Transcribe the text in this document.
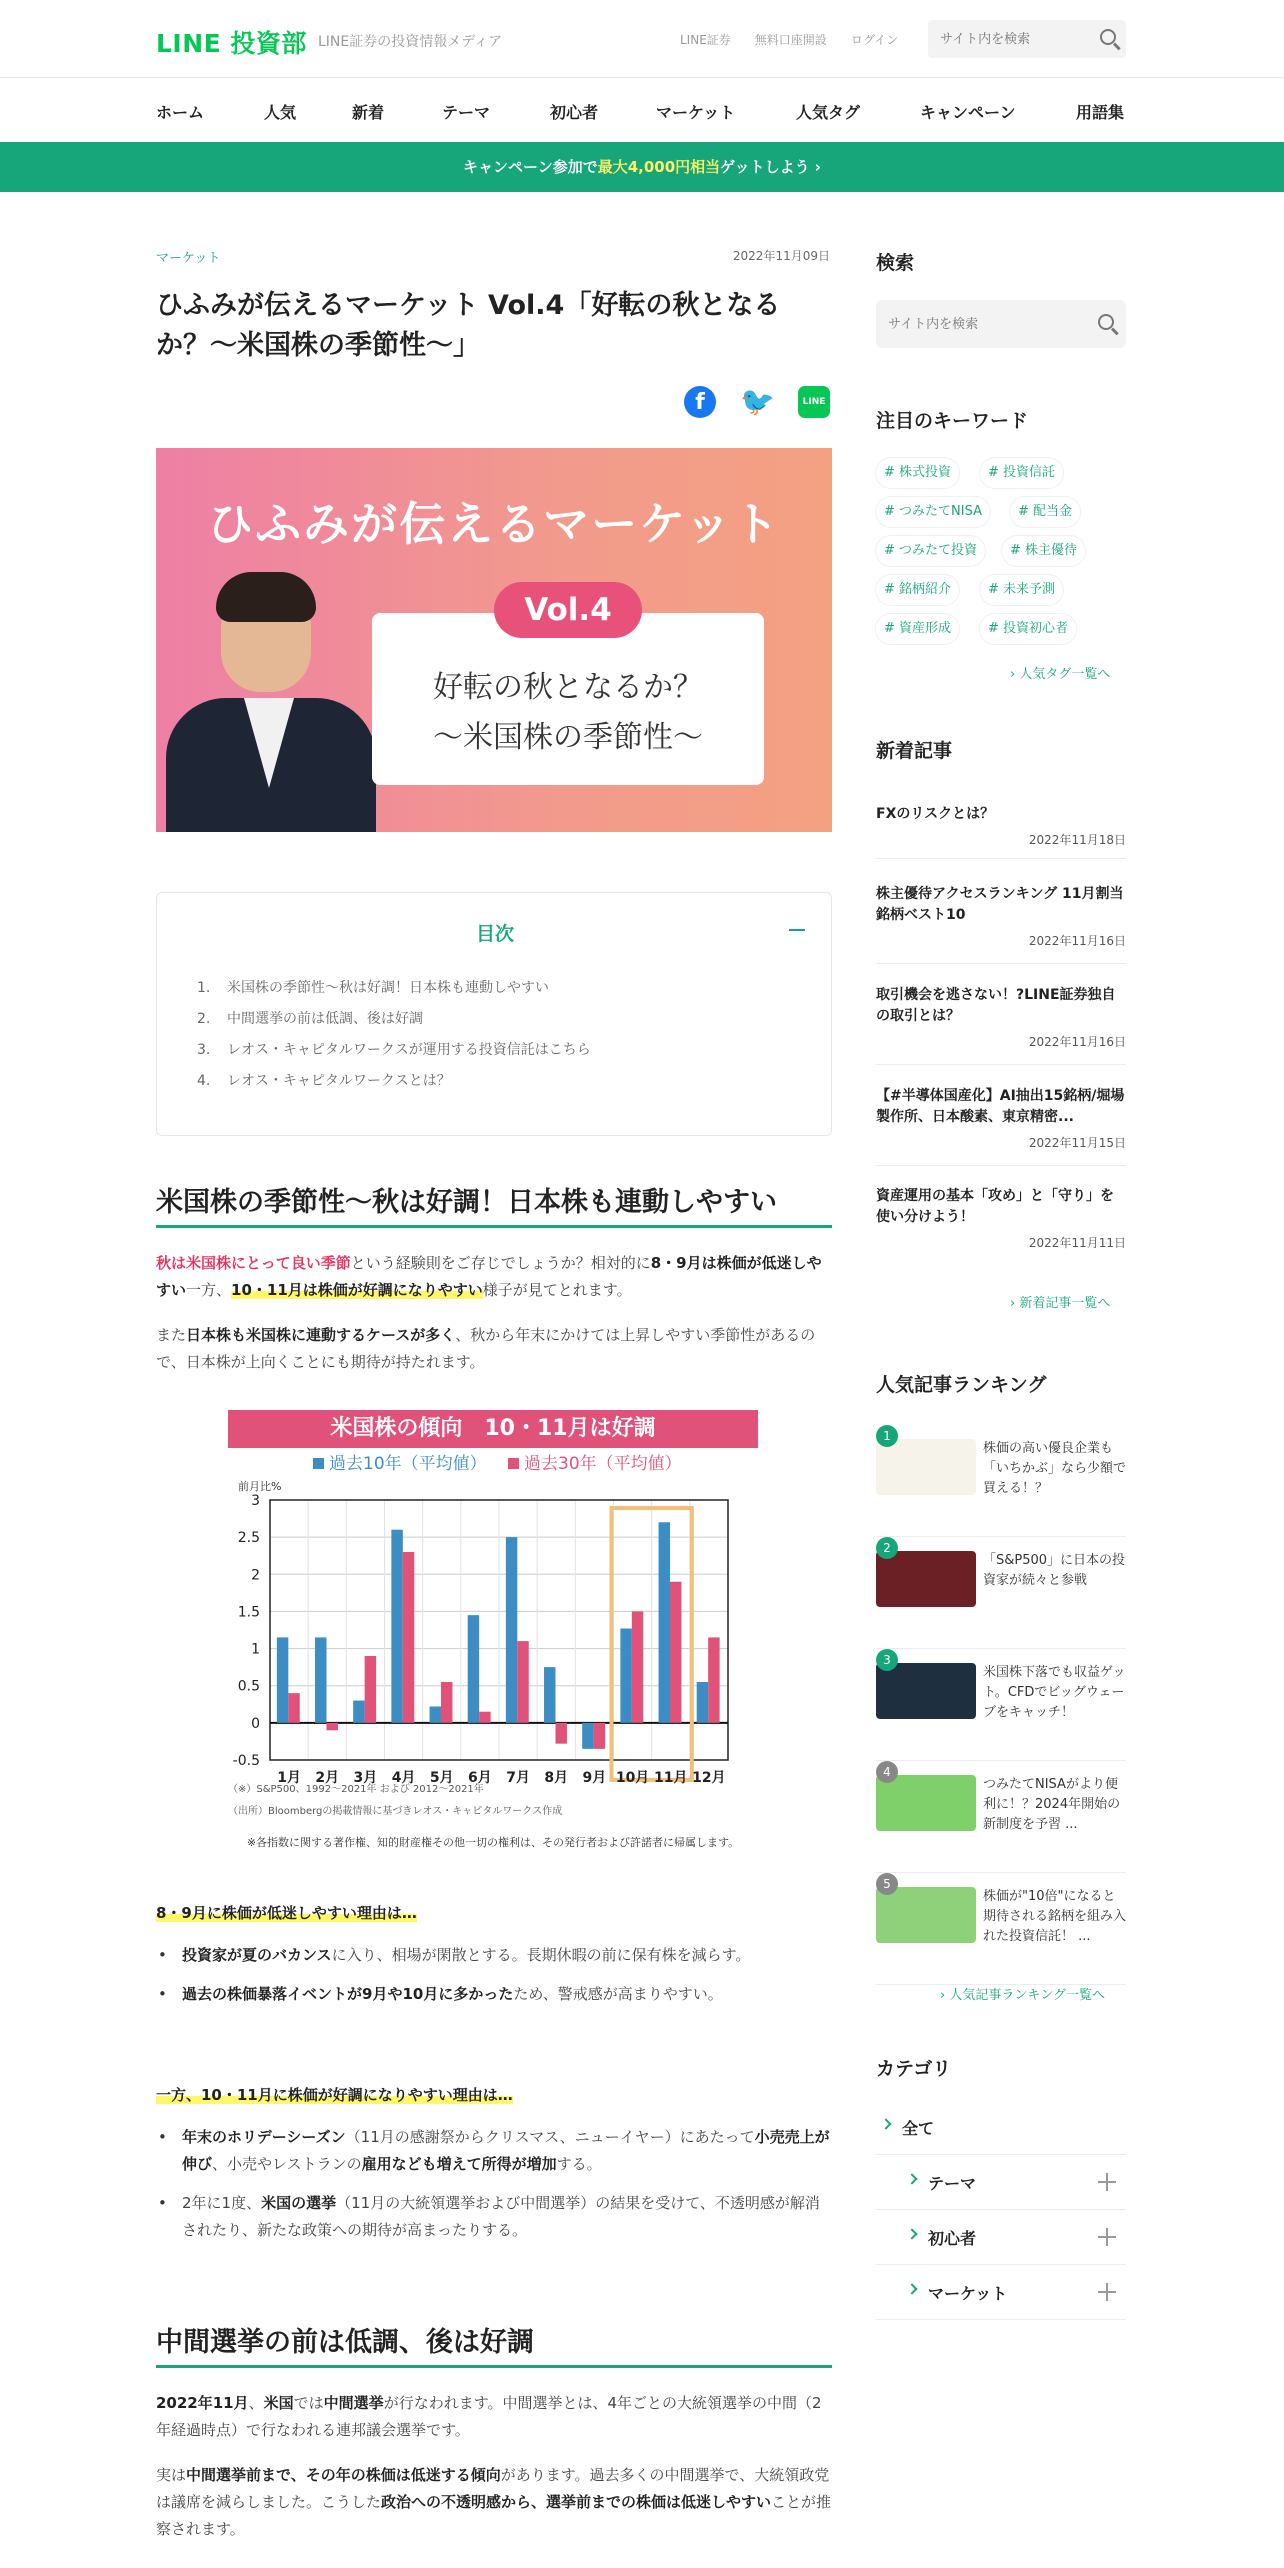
LINE 投資部 LINE証券の投資情報メディア	LINE証券 無料口座開設 ログイン
サイト内を検索
ホーム	人気	新着	テーマ	初心者	マーケット	人気タグ	キャンペーン	用語集
キャンペーン参加で最大4,000円相当ゲットしよう ›
マーケット	2022年11月09日
ひふみが伝えるマーケット Vol.4「好転の秋となるか？～米国株の季節性～」
f	🐦	LINE
ひふみが伝えるマーケット
Vol.4
好転の秋となるか？
～米国株の季節性～
目次
1. 米国株の季節性～秋は好調！日本株も連動しやすい
2. 中間選挙の前は低調、後は好調
3. レオス・キャピタルワークスが運用する投資信託はこちら
4. レオス・キャピタルワークスとは？
米国株の季節性～秋は好調！日本株も連動しやすい

秋は米国株にとって良い季節という経験則をご存じでしょうか？相対的に8・9月は株価が低迷しやすい一方、10・11月は株価が好調になりやすい様子が見てとれます。

また日本株も米国株に連動するケースが多く、秋から年末にかけては上昇しやすい季節性があるので、日本株が上向くことにも期待が持たれます。

米国株の傾向　10・11月は好調
過去10年（平均値） 過去30年（平均値）
前月比%
3
2.5
2
1.5
1
0.5
0
-0.5
1月 2月 3月 4月 5月 6月 7月 8月 9月 10月 11月 12月
（※）S&P500、1992～2021年 および 2012～2021年
（出所）Bloombergの掲載情報に基づきレオス・キャピタルワークス作成
※各指数に関する著作権、知的財産権その他一切の権利は、その発行者および許諾者に帰属します。
8・9月に株価が低迷しやすい理由は…
• 投資家が夏のバカンスに入り、相場が閑散とする。長期休暇の前に保有株を減らす。
• 過去の株価暴落イベントが9月や10月に多かったため、警戒感が高まりやすい。
一方、10・11月に株価が好調になりやすい理由は…
• 年末のホリデーシーズン（11月の感謝祭からクリスマス、ニューイヤー）にあたって小売売上が伸び、小売やレストランの雇用なども増えて所得が増加する。
• 2年に1度、米国の選挙（11月の大統領選挙および中間選挙）の結果を受けて、不透明感が解消されたり、新たな政策への期待が高まったりする。
中間選挙の前は低調、後は好調

2022年11月、米国では中間選挙が行なわれます。中間選挙とは、4年ごとの大統領選挙の中間（2年経過時点）で行なわれる連邦議会選挙です。

実は中間選挙前まで、その年の株価は低迷する傾向があります。過去多くの中間選挙で、大統領政党は議席を減らしました。こうした政治への不透明感から、選挙前までの株価は低迷しやすいことが推察されます。

検索
サイト内を検索
注目のキーワード
# 株式投資	# 投資信託
# つみたてNISA	# 配当金
# つみたて投資	# 株主優待
# 銘柄紹介	# 未来予測
# 資産形成	# 投資初心者
› 人気タグ一覧へ
新着記事
FXのリスクとは？
2022年11月18日
株主優待アクセスランキング 11月割当銘柄ベスト10
2022年11月16日
取引機会を逃さない！?LINE証券独自の取引とは？
2022年11月16日
【#半導体国産化】AI抽出15銘柄/堀場製作所、日本酸素、東京精密...
2022年11月15日
資産運用の基本「攻め」と「守り」を使い分けよう！
2022年11月11日
› 新着記事一覧へ
人気記事ランキング
1
株価の高い優良企業も「いちかぶ」なら少額で買える！？
2
「S&P500」に日本の投資家が続々と参戦
3
米国株下落でも収益ゲット。CFDでビッグウェーブをキャッチ！
4
つみたてNISAがより便利に！？2024年開始の新制度を予習 ...
5
株価が"10倍"になると期待される銘柄を組み入れた投資信託！ ...
› 人気記事ランキング一覧へ
カテゴリ
全て
テーマ
初心者
マーケット
